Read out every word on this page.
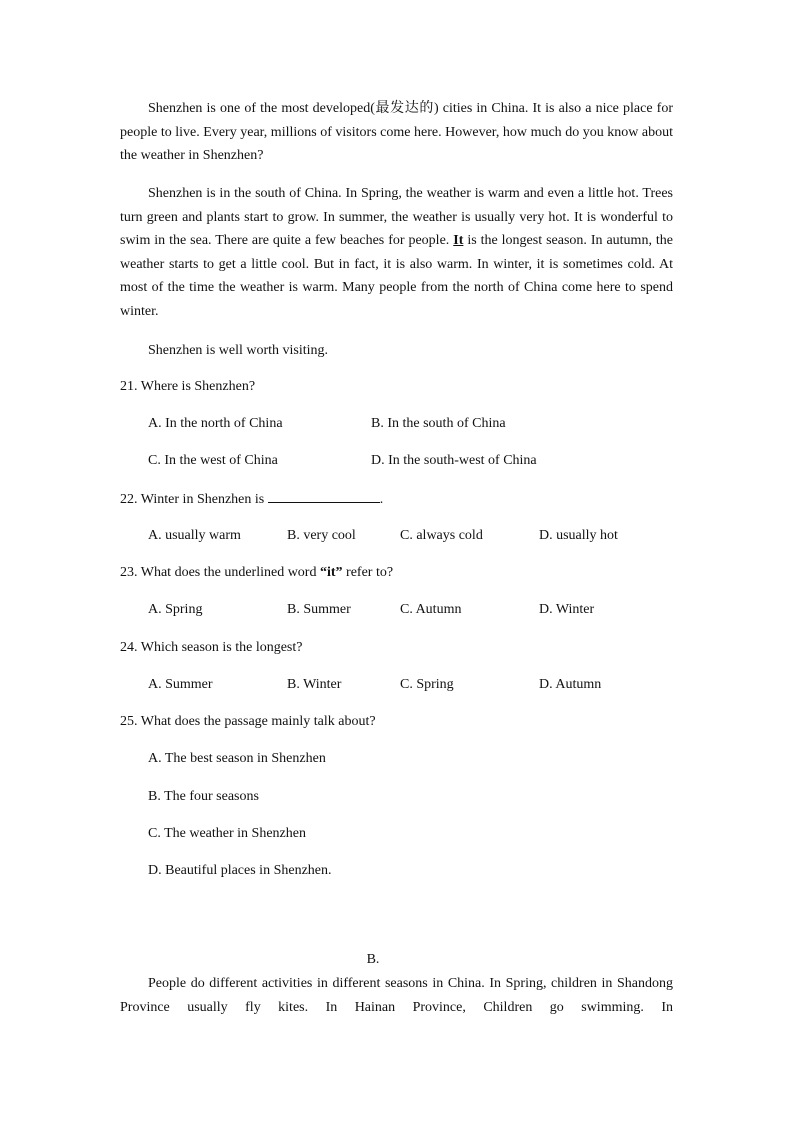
Shenzhen is one of the most developed(最发达的) cities in China. It is also a nice place for people to live. Every year, millions of visitors come here. However, how much do you know about the weather in Shenzhen?

Shenzhen is in the south of China. In Spring, the weather is warm and even a little hot. Trees turn green and plants start to grow. In summer, the weather is usually very hot. It is wonderful to swim in the sea. There are quite a few beaches for people. It is the longest season. In autumn, the weather starts to get a little cool. But in fact, it is also warm. In winter, it is sometimes cold. At most of the time the weather is warm. Many people from the north of China come here to spend winter.

Shenzhen is well worth visiting.

21. Where is Shenzhen?

A. In the north of China	B. In the south of China

C. In the west of China	D. In the south-west of China

22. Winter in Shenzhen is	.

A. usually warm	B. very cool	C. always cold	D. usually hot

23. What does the underlined word “it” refer to?

A. Spring	B. Summer	C. Autumn	D. Winter

24. Which season is the longest?

A. Summer	B. Winter	C. Spring	D. Autumn

25. What does the passage mainly talk about?

A. The best season in Shenzhen

B. The four seasons

C. The weather in Shenzhen

D. Beautiful places in Shenzhen.

B.

People do different activities in different seasons in China. In Spring, children in Shandong Province usually fly kites. In Hainan Province, Children go swimming. In
